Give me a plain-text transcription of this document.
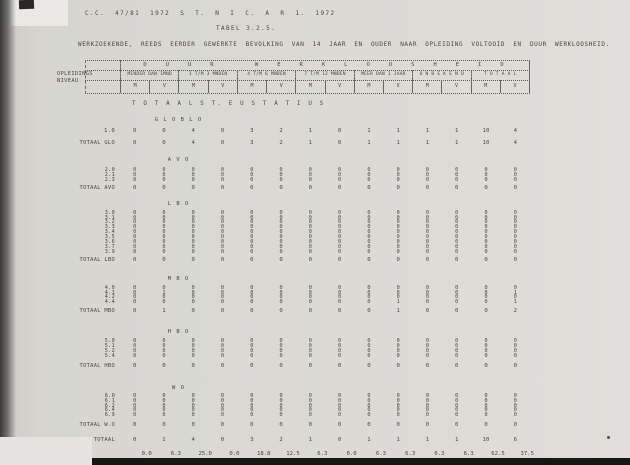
C.C. 47/81 1972 S T. N I C. A R 1. 1972
TABEL 3.2.5.
WERKZOEKENDE, REEDS EERDER GEWERKTE BEVOLKING VAN 14 JAAR EN OUDER NAAR OPLEIDING VOLTOOID EN DUUR WERKLOOSHEID.
OPLEIDINGS
NIVEAU
DUUR WERKLOOSHEID
MINDER DAN 1MND	1 T/M 3 MNDEN	4 T/M 6 MNDEN	7 T/M 12 MNDEN	MEER DAN 1 JAAR	O N B E K E N D	T O T A A L
M	V	M	V	M	V	M	V	M	V	M	V	M	V
T O T A A L S T. E U S T A T I U S
G L O B L O
1.0	0	0	4	0	3	2	1	0	1	1	1	1	10	4
TOTAAL GLO	0	0	4	0	3	2	1	0	1	1	1	1	10	4
A V O
2.0	0	0	0	0	0	0	0	0	0	0	0	0	0	0
2.1	0	0	0	0	0	0	0	0	0	0	0	0	0	0
2.3	0	0	0	0	0	0	0	0	0	0	0	0	0	0
TOTAAL AVO	0	0	0	0	0	0	0	0	0	0	0	0	0	0
L B O
3.0	0	0	0	0	0	0	0	0	0	0	0	0	0	0
3.1	0	0	0	0	0	0	0	0	0	0	0	0	0	0
3.2	0	0	0	0	0	0	0	0	0	0	0	0	0	0
3.3	0	0	0	0	0	0	0	0	0	0	0	0	0	0
3.4	0	0	0	0	0	0	0	0	0	0	0	0	0	0
3.5	0	0	0	0	0	0	0	0	0	0	0	0	0	0
3.6	0	0	0	0	0	0	0	0	0	0	0	0	0	0
3.7	0	0	0	0	0	0	0	0	0	0	0	0	0	0
3.9	0	0	0	0	0	0	0	0	0	0	0	0	0	0
TOTAAL LBO	0	0	0	0	0	0	0	0	0	0	0	0	0	0
M B O
4.0	0	0	0	0	0	0	0	0	0	0	0	0	0	0
4.1	0	1	0	0	0	0	0	0	0	0	0	0	0	1
4.2	0	0	0	0	0	0	0	0	0	0	0	0	0	0
4.4	0	0	0	0	0	0	0	0	0	1	0	0	0	1
TOTAAL MBO	0	1	0	0	0	0	0	0	0	1	0	0	0	2
H B O
5.0	0	0	0	0	0	0	0	0	0	0	0	0	0	0
5.1	0	0	0	0	0	0	0	0	0	0	0	0	0	0
5.2	0	0	0	0	0	0	0	0	0	0	0	0	0	0
5.4	0	0	0	0	0	0	0	0	0	0	0	0	0	0
TOTAAL HBO	0	0	0	0	0	0	0	0	0	0	0	0	0	0
W O
6.0	0	0	0	0	0	0	0	0	0	0	0	0	0	0
6.1	0	0	0	0	0	0	0	0	0	0	0	0	0	0
6.2	0	0	0	0	0	0	0	0	0	0	0	0	0	0
6.4	0	0	0	0	0	0	0	0	0	0	0	0	0	0
6.9	0	0	0	0	0	0	0	0	0	0	0	0	0	0
TOTAAL W.O	0	0	0	0	0	0	0	0	0	0	0	0	0	0
TOTAAL	0	1	4	0	3	2	1	0	1	1	1	1	10	6
0.0	6.3	25.0	0.0	18.8	12.5	6.3	0.0	6.3	6.3	6.3	6.3	62.5	37.5
